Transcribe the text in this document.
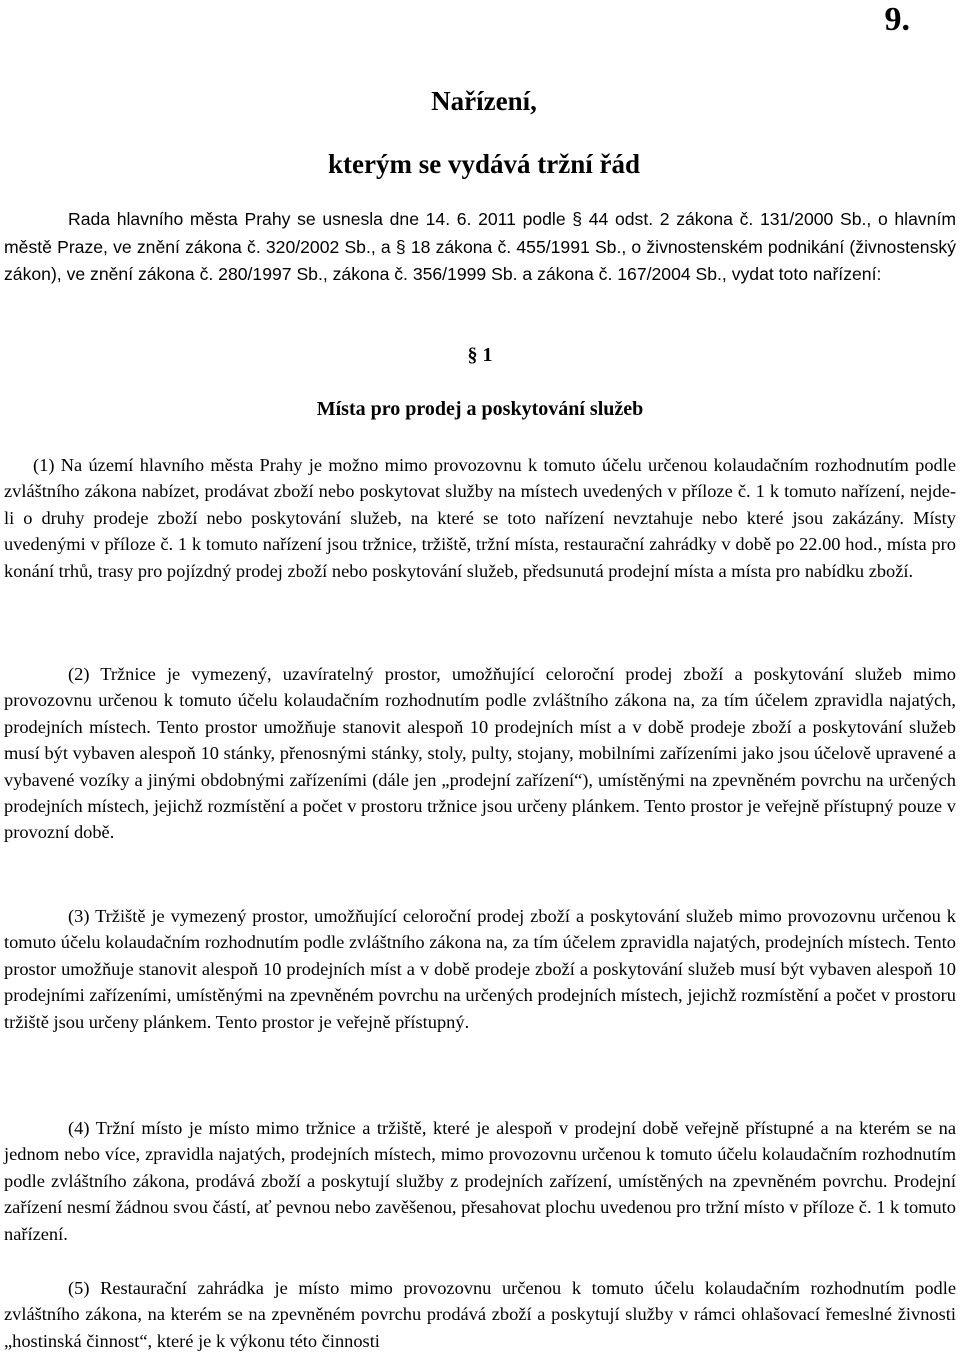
9.
Nařízení,
kterým se vydává tržní řád

Rada hlavního města Prahy se usnesla dne 14. 6. 2011 podle § 44 odst. 2 zákona č. 131/2000 Sb., o hlavním městě Praze, ve znění zákona č. 320/2002 Sb., a § 18 zákona č. 455/1991 Sb., o živnostenském podnikání (živnostenský zákon), ve znění zákona č. 280/1997 Sb., zákona č. 356/1999 Sb. a zákona č. 167/2004 Sb., vydat toto nařízení:

§ 1
Místa pro prodej a poskytování služeb

(1) Na území hlavního města Prahy je možno mimo provozovnu k tomuto účelu určenou kolaudačním rozhodnutím podle zvláštního zákona nabízet, prodávat zboží nebo poskytovat služby na místech uvedených v příloze č. 1 k tomuto nařízení, nejde-li o druhy prodeje zboží nebo poskytování služeb, na které se toto nařízení nevztahuje nebo které jsou zakázány. Místy uvedenými v příloze č. 1 k tomuto nařízení jsou tržnice, tržiště, tržní místa, restaurační zahrádky v době po 22.00 hod., místa pro konání trhů, trasy pro pojízdný prodej zboží nebo poskytování služeb, předsunutá prodejní místa a místa pro nabídku zboží.

(2) Tržnice je vymezený, uzavíratelný prostor, umožňující celoroční prodej zboží a poskytování služeb mimo provozovnu určenou k tomuto účelu kolaudačním rozhodnutím podle zvláštního zákona na, za tím účelem zpravidla najatých, prodejních místech. Tento prostor umožňuje stanovit alespoň 10 prodejních míst a v době prodeje zboží a poskytování služeb musí být vybaven alespoň 10 stánky, přenosnými stánky, stoly, pulty, stojany, mobilními zařízeními jako jsou účelově upravené a vybavené vozíky a jinými obdobnými zařízeními (dále jen „prodejní zařízení“), umístěnými na zpevněném povrchu na určených prodejních místech, jejichž rozmístění a počet v prostoru tržnice jsou určeny plánkem. Tento prostor je veřejně přístupný pouze v provozní době.

(3) Tržiště je vymezený prostor, umožňující celoroční prodej zboží a poskytování služeb mimo provozovnu určenou k tomuto účelu kolaudačním rozhodnutím podle zvláštního zákona na, za tím účelem zpravidla najatých, prodejních místech. Tento prostor umožňuje stanovit alespoň 10 prodejních míst a v době prodeje zboží a poskytování služeb musí být vybaven alespoň 10 prodejními zařízeními, umístěnými na zpevněném povrchu na určených prodejních místech, jejichž rozmístění a počet v prostoru tržiště jsou určeny plánkem. Tento prostor je veřejně přístupný.

(4) Tržní místo je místo mimo tržnice a tržiště, které je alespoň v prodejní době veřejně přístupné a na kterém se na jednom nebo více, zpravidla najatých, prodejních místech, mimo provozovnu určenou k tomuto účelu kolaudačním rozhodnutím podle zvláštního zákona, prodává zboží a poskytují služby z prodejních zařízení, umístěných na zpevněném povrchu. Prodejní zařízení nesmí žádnou svou částí, ať pevnou nebo zavěšenou, přesahovat plochu uvedenou pro tržní místo v příloze č. 1 k tomuto nařízení.

(5) Restaurační zahrádka je místo mimo provozovnu určenou k tomuto účelu kolaudačním rozhodnutím podle zvláštního zákona, na kterém se na zpevněném povrchu prodává zboží a poskytují služby v rámci ohlašovací řemeslné živnosti „hostinská činnost“, které je k výkonu této činnosti
